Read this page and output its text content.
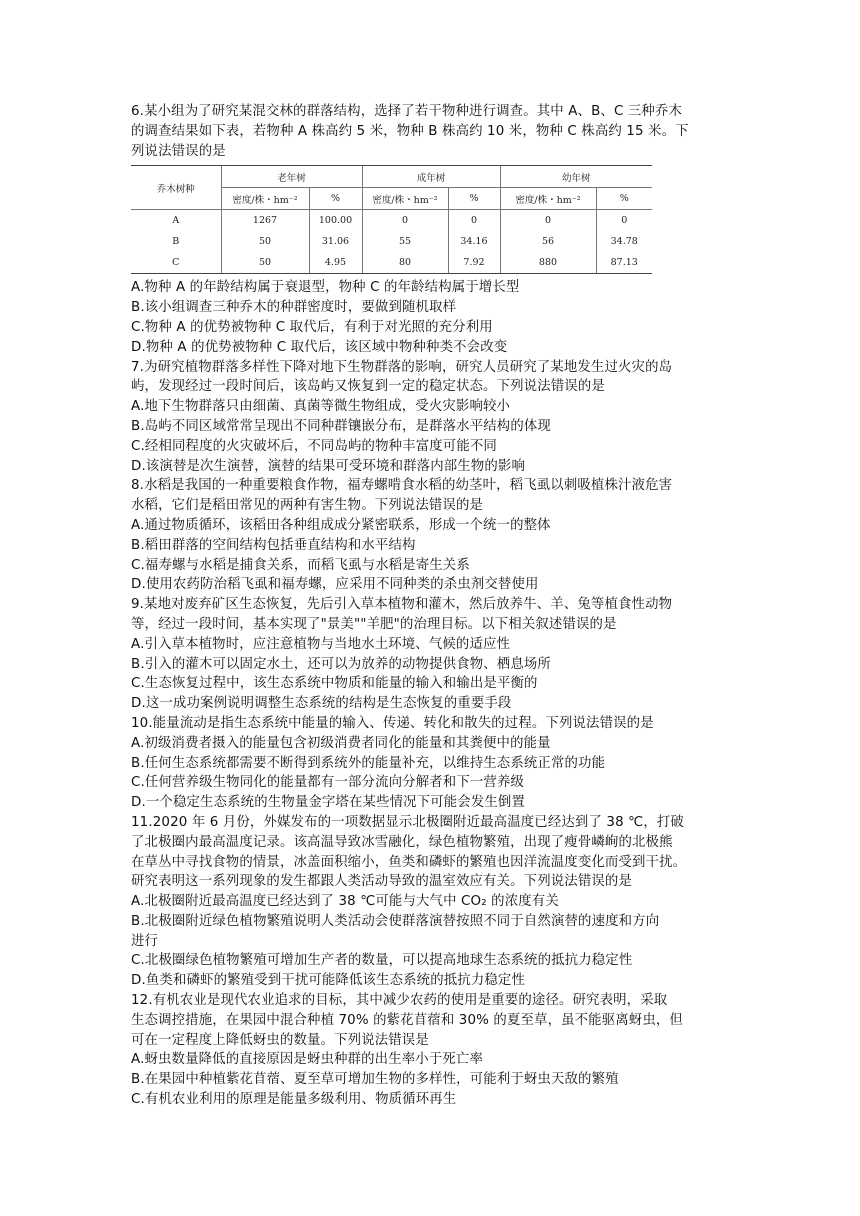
6.某小组为了研究某混交林的群落结构，选择了若干物种进行调查。其中 A、B、C 三种乔木
的调查结果如下表，若物种 A 株高约 5 米，物种 B 株高约 10 米，物种 C 株高约 15 米。下
列说法错误的是
乔木树种	老年树		成年树		幼年树	
	密度/株・hm⁻²	%	密度/株・hm⁻²	%	密度/株・hm⁻²	%
A	1267	100.00	0	0	0	0
B	50	31.06	55	34.16	56	34.78
C	50	4.95	80	7.92	880	87.13
A.物种 A 的年龄结构属于衰退型，物种 C 的年龄结构属于增长型
B.该小组调查三种乔木的种群密度时，要做到随机取样
C.物种 A 的优势被物种 C 取代后，有利于对光照的充分利用
D.物种 A 的优势被物种 C 取代后，该区域中物种种类不会改变
7.为研究植物群落多样性下降对地下生物群落的影响，研究人员研究了某地发生过火灾的岛
屿，发现经过一段时间后，该岛屿又恢复到一定的稳定状态。下列说法错误的是
A.地下生物群落只由细菌、真菌等微生物组成，受火灾影响较小
B.岛屿不同区域常常呈现出不同种群镶嵌分布，是群落水平结构的体现
C.经相同程度的火灾破坏后，不同岛屿的物种丰富度可能不同
D.该演替是次生演替，演替的结果可受环境和群落内部生物的影响
8.水稻是我国的一种重要粮食作物，福寿螺啃食水稻的幼茎叶，稻飞虱以刺吸植株汁液危害
水稻，它们是稻田常见的两种有害生物。下列说法错误的是
A.通过物质循环，该稻田各种组成成分紧密联系，形成一个统一的整体
B.稻田群落的空间结构包括垂直结构和水平结构
C.福寿螺与水稻是捕食关系，而稻飞虱与水稻是寄生关系
D.使用农药防治稻飞虱和福寿螺，应采用不同种类的杀虫剂交替使用
9.某地对废弃矿区生态恢复，先后引入草本植物和灌木，然后放养牛、羊、兔等植食性动物
等，经过一段时间，基本实现了"景美""羊肥"的治理目标。以下相关叙述错误的是
A.引入草本植物时，应注意植物与当地水土环境、气候的适应性
B.引入的灌木可以固定水土，还可以为放养的动物提供食物、栖息场所
C.生态恢复过程中，该生态系统中物质和能量的输入和输出是平衡的
D.这一成功案例说明调整生态系统的结构是生态恢复的重要手段
10.能量流动是指生态系统中能量的输入、传递、转化和散失的过程。下列说法错误的是
A.初级消费者摄入的能量包含初级消费者同化的能量和其粪便中的能量
B.任何生态系统都需要不断得到系统外的能量补充，以维持生态系统正常的功能
C.任何营养级生物同化的能量都有一部分流向分解者和下一营养级
D.一个稳定生态系统的生物量金字塔在某些情况下可能会发生倒置
11.2020 年 6 月份，外媒发布的一项数据显示北极圈附近最高温度已经达到了 38 ℃，打破
了北极圈内最高温度记录。该高温导致冰雪融化，绿色植物繁殖，出现了瘦骨嶙峋的北极熊
在草丛中寻找食物的情景，冰盖面积缩小，鱼类和磷虾的繁殖也因洋流温度变化而受到干扰。
研究表明这一系列现象的发生都跟人类活动导致的温室效应有关。下列说法错误的是
A.北极圈附近最高温度已经达到了 38 ℃可能与大气中 CO₂ 的浓度有关
B.北极圈附近绿色植物繁殖说明人类活动会使群落演替按照不同于自然演替的速度和方向
进行
C.北极圈绿色植物繁殖可增加生产者的数量，可以提高地球生态系统的抵抗力稳定性
D.鱼类和磷虾的繁殖受到干扰可能降低该生态系统的抵抗力稳定性
12.有机农业是现代农业追求的目标，其中减少农药的使用是重要的途径。研究表明，采取
生态调控措施，在果园中混合种植 70% 的紫花苜蓿和 30% 的夏至草，虽不能驱离蚜虫，但
可在一定程度上降低蚜虫的数量。下列说法错误是
A.蚜虫数量降低的直接原因是蚜虫种群的出生率小于死亡率
B.在果园中种植紫花苜蓿、夏至草可增加生物的多样性，可能利于蚜虫天敌的繁殖
C.有机农业利用的原理是能量多级利用、物质循环再生
